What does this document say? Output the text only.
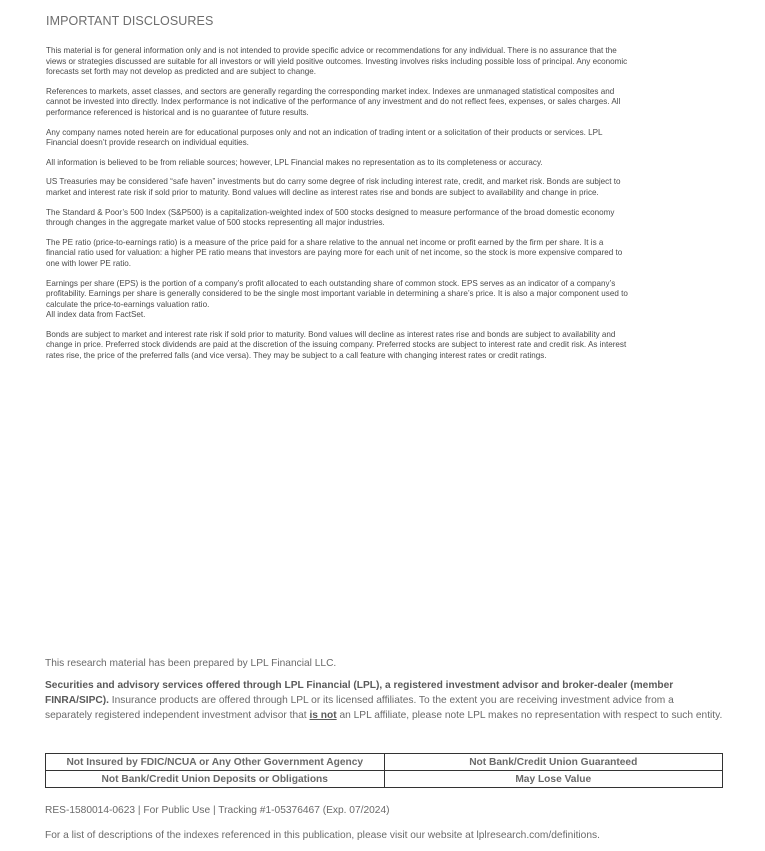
IMPORTANT DISCLOSURES

This material is for general information only and is not intended to provide specific advice or recommendations for any individual. There is no assurance that the
views or strategies discussed are suitable for all investors or will yield positive outcomes. Investing involves risks including possible loss of principal. Any economic
forecasts set forth may not develop as predicted and are subject to change.

References to markets, asset classes, and sectors are generally regarding the corresponding market index. Indexes are unmanaged statistical composites and
cannot be invested into directly. Index performance is not indicative of the performance of any investment and do not reflect fees, expenses, or sales charges. All
performance referenced is historical and is no guarantee of future results.

Any company names noted herein are for educational purposes only and not an indication of trading intent or a solicitation of their products or services. LPL
Financial doesn’t provide research on individual equities.

All information is believed to be from reliable sources; however, LPL Financial makes no representation as to its completeness or accuracy.

US Treasuries may be considered “safe haven” investments but do carry some degree of risk including interest rate, credit, and market risk. Bonds are subject to
market and interest rate risk if sold prior to maturity. Bond values will decline as interest rates rise and bonds are subject to availability and change in price.

The Standard & Poor’s 500 Index (S&P500) is a capitalization-weighted index of 500 stocks designed to measure performance of the broad domestic economy
through changes in the aggregate market value of 500 stocks representing all major industries.

The PE ratio (price-to-earnings ratio) is a measure of the price paid for a share relative to the annual net income or profit earned by the firm per share. It is a
financial ratio used for valuation: a higher PE ratio means that investors are paying more for each unit of net income, so the stock is more expensive compared to
one with lower PE ratio.

Earnings per share (EPS) is the portion of a company’s profit allocated to each outstanding share of common stock. EPS serves as an indicator of a company’s
profitability. Earnings per share is generally considered to be the single most important variable in determining a share’s price. It is also a major component used to
calculate the price-to-earnings valuation ratio.
All index data from FactSet.

Bonds are subject to market and interest rate risk if sold prior to maturity. Bond values will decline as interest rates rise and bonds are subject to availability and
change in price. Preferred stock dividends are paid at the discretion of the issuing company. Preferred stocks are subject to interest rate and credit risk. As interest
rates rise, the price of the preferred falls (and vice versa). They may be subject to a call feature with changing interest rates or credit ratings.

This research material has been prepared by LPL Financial LLC.
Securities and advisory services offered through LPL Financial (LPL), a registered investment advisor and broker-dealer (member FINRA/SIPC). Insurance products are offered through LPL or its licensed affiliates. To the extent you are receiving investment advice from a separately registered independent investment advisor that is not an LPL affiliate, please note LPL makes no representation with respect to such entity.
Not Insured by FDIC/NCUA or Any Other Government Agency	Not Bank/Credit Union Guaranteed
Not Bank/Credit Union Deposits or Obligations	May Lose Value
RES-1580014-0623 | For Public Use | Tracking #1-05376467 (Exp. 07/2024)
For a list of descriptions of the indexes referenced in this publication, please visit our website at lplresearch.com/definitions.
